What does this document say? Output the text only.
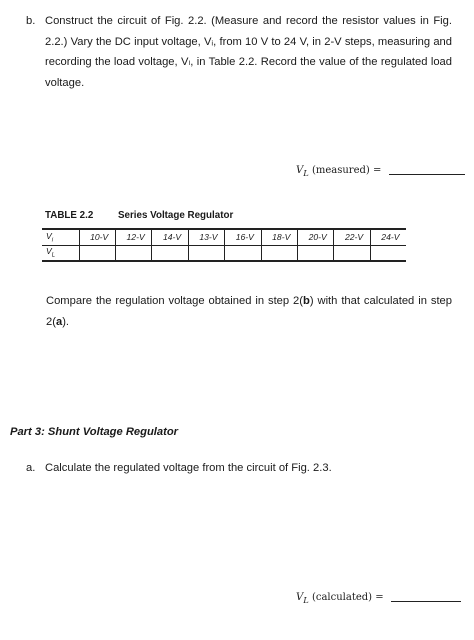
b. Construct the circuit of Fig. 2.2. (Measure and record the resistor values in Fig. 2.2.) Vary the DC input voltage, Vᵢ, from 10 V to 24 V, in 2-V steps, measuring and recording the load voltage, Vₗ, in Table 2.2. Record the value of the regulated load voltage.
$V_L$ (measured) =
TABLE 2.2	Series Voltage Regulator
$V_i$	10-V	12-V	14-V	13-V	16-V	18-V	20-V	22-V	24-V
$V_L$									
Compare the regulation voltage obtained in step 2(b) with that calculated in step 2(a).
Part 3: Shunt Voltage Regulator
a. Calculate the regulated voltage from the circuit of Fig. 2.3.
$V_L$ (calculated) =
